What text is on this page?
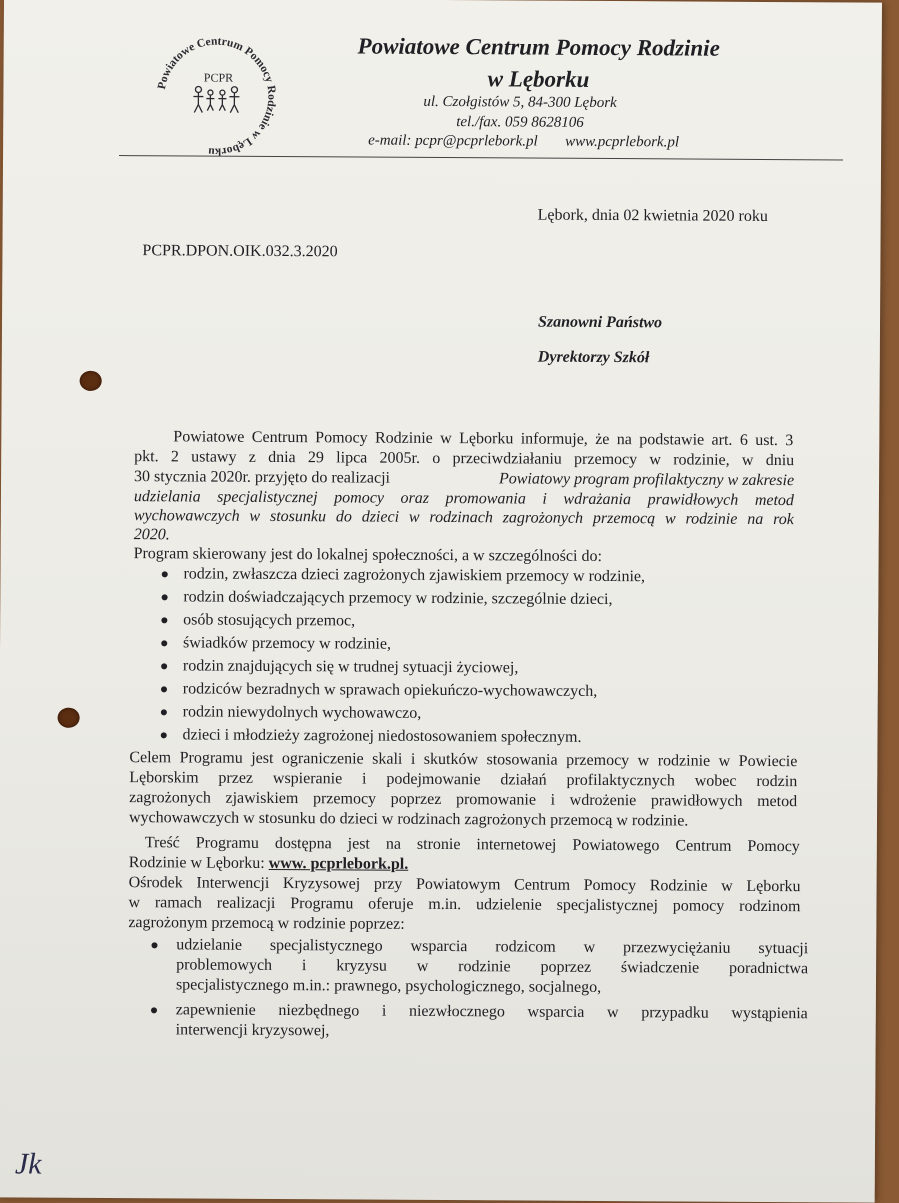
Powiatowe Centrum Pomocy Rodzinie w Lęborku
PCPR
Powiatowe Centrum Pomocy Rodzinie
w Lęborku
ul. Czołgistów 5, 84-300 Lębork
tel./fax. 059 8628106
e-mail: pcpr@pcprlebork.pl www.pcprlebork.pl
Lębork, dnia 02 kwietnia 2020 roku
PCPR.DPON.OIK.032.3.2020
Szanowni Państwo
Dyrektorzy Szkół
Powiatowe Centrum Pomocy Rodzinie w Lęborku informuje, że na podstawie art. 6 ust. 3
pkt. 2 ustawy z dnia 29 lipca 2005r. o przeciwdziałaniu przemocy w rodzinie, w dniu
30 stycznia 2020r. przyjęto do realizacji	Powiatowy program profilaktyczny w zakresie
udzielania specjalistycznej pomocy oraz promowania i wdrażania prawidłowych metod
wychowawczych w stosunku do dzieci w rodzinach zagrożonych przemocą w rodzinie na rok
2020.
Program skierowany jest do lokalnej społeczności, a w szczególności do:
● rodzin, zwłaszcza dzieci zagrożonych zjawiskiem przemocy w rodzinie,
● rodzin doświadczających przemocy w rodzinie, szczególnie dzieci,
● osób stosujących przemoc,
● świadków przemocy w rodzinie,
● rodzin znajdujących się w trudnej sytuacji życiowej,
● rodziców bezradnych w sprawach opiekuńczo-wychowawczych,
● rodzin niewydolnych wychowawczo,
● dzieci i młodzieży zagrożonej niedostosowaniem społecznym.
Celem Programu jest ograniczenie skali i skutków stosowania przemocy w rodzinie w Powiecie
Lęborskim przez wspieranie i podejmowanie działań profilaktycznych wobec rodzin
zagrożonych zjawiskiem przemocy poprzez promowanie i wdrożenie prawidłowych metod
wychowawczych w stosunku do dzieci w rodzinach zagrożonych przemocą w rodzinie.
Treść Programu dostępna jest na stronie internetowej Powiatowego Centrum Pomocy
Rodzinie w Lęborku: www. pcprlebork.pl.
Ośrodek Interwencji Kryzysowej przy Powiatowym Centrum Pomocy Rodzinie w Lęborku
w ramach realizacji Programu oferuje m.in. udzielenie specjalistycznej pomocy rodzinom
zagrożonym przemocą w rodzinie poprzez:
● udzielanie specjalistycznego wsparcia rodzicom w przezwyciężaniu sytuacji
problemowych i kryzysu w rodzinie poprzez świadczenie poradnictwa
specjalistycznego m.in.: prawnego, psychologicznego, socjalnego,
● zapewnienie niezbędnego i niezwłocznego wsparcia w przypadku wystąpienia
interwencji kryzysowej,
Jk
